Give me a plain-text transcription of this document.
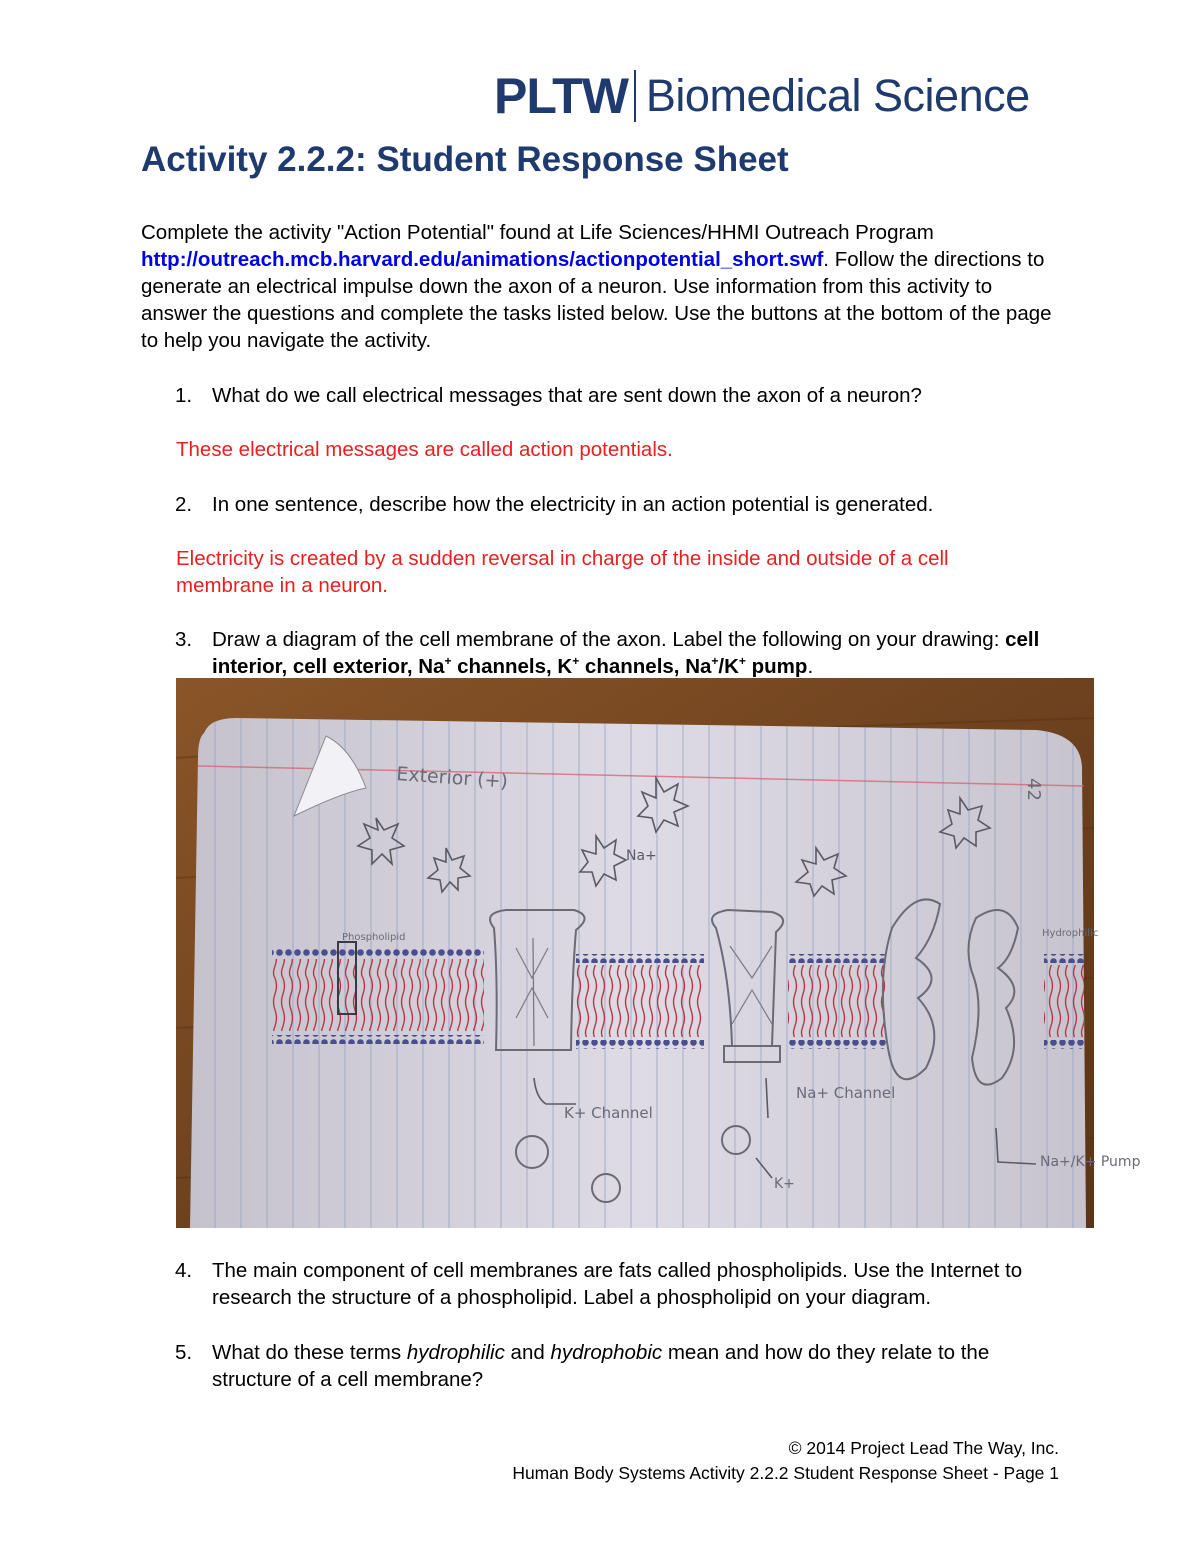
PLTW Biomedical Science
Activity 2.2.2: Student Response Sheet

Complete the activity "Action Potential" found at Life Sciences/HHMI Outreach Program http://outreach.mcb.harvard.edu/animations/actionpotential_short.swf. Follow the directions to generate an electrical impulse down the axon of a neuron. Use information from this activity to answer the questions and complete the tasks listed below. Use the buttons at the bottom of the page to help you navigate the activity.

1. What do we call electrical messages that are sent down the axon of a neuron?
These electrical messages are called action potentials.
2. In one sentence, describe how the electricity in an action potential is generated.
Electricity is created by a sudden reversal in charge of the inside and outside of a cell membrane in a neuron.
3. Draw a diagram of the cell membrane of the axon. Label the following on your drawing: cell interior, cell exterior, Na+ channels, K+ channels, Na+/K+ pump.
Exterior (+)	42
Na+
Phospholipid	Hydrophilic
K+ Channel
Na+ Channel
Na+/K+ Pump
K+
4. The main component of cell membranes are fats called phospholipids. Use the Internet to research the structure of a phospholipid. Label a phospholipid on your diagram.
5. What do these terms hydrophilic and hydrophobic mean and how do they relate to the structure of a cell membrane?
© 2014 Project Lead The Way, Inc.
Human Body Systems Activity 2.2.2 Student Response Sheet - Page 1
